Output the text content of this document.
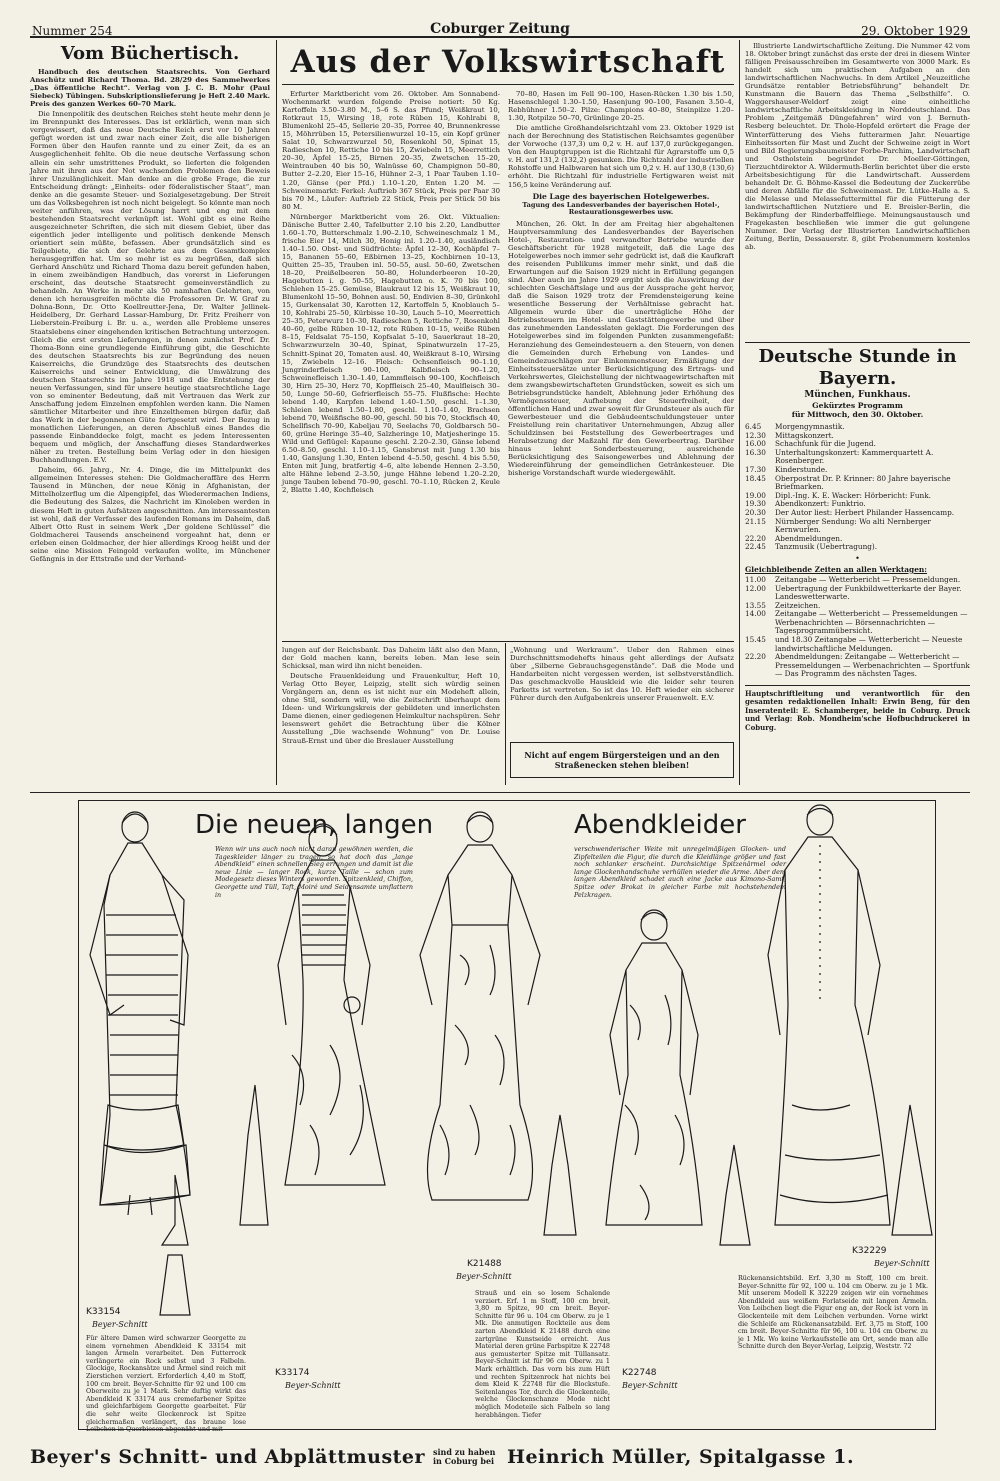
Nummer 254	Coburger Zeitung	29. Oktober 1929
Vom Büchertisch.

Handbuch des deutschen Staatsrechts. Von Gerhard Anschütz und Richard Thoma. Bd. 28/29 des Sammelwerkes „Das öffentliche Recht“. Verlag von J. C. B. Mohr (Paul Siebeck) Tübingen. Subskriptionslieferung je Heft 2.40 Mark. Preis des ganzen Werkes 60–70 Mark.

Die Innenpolitik des deutschen Reiches steht heute mehr denn je im Brennpunkt des Interesses. Das ist erklärlich, wenn man sich vergewissert, daß das neue Deutsche Reich erst vor 10 Jahren gefügt worden ist und zwar nach einer Zeit, die alle bisherigen Formen über den Haufen rannte und zu einer Zeit, da es an Ausgeglichenheit fehlte. Ob die neue deutsche Verfassung schon allein ein sehr umstrittenes Produkt, so lieferten die folgenden Jahre mit ihren aus der Not wachsenden Problemen den Beweis ihrer Unzulänglichkeit. Man denke an die große Frage, die zur Entscheidung drängt: „Einheits- oder föderalistischer Staat“, man denke an die gesamte Steuer- und Sozialgesetzgebung. Der Streit um das Volksbegehren ist noch nicht beigelegt. So könnte man noch weiter anführen, was der Lösung harrt und eng mit dem bestehenden Staatsrecht verknüpft ist. Wohl gibt es eine Reihe ausgezeichneter Schriften, die sich mit diesem Gebiet, über das eigentlich jeder intelligente und politisch denkende Mensch orientiert sein müßte, befassen. Aber grundsätzlich sind es Teilgebiete, die sich der Gelehrte aus dem Gesamtkomplex herausgegriffen hat. Um so mehr ist es zu begrüßen, daß sich Gerhard Anschütz und Richard Thoma dazu bereit gefunden haben, in einem zweibändigen Handbuch, das vorerst in Lieferungen erscheint, das deutsche Staatsrecht gemeinverständlich zu behandeln. An Werke in mehr als 50 namhaften Gelehrten, von denen ich herausgreifen möchte die Professoren Dr. W. Graf zu Dohna-Bonn, Dr. Otto Koellreutter-Jena, Dr. Walter Jellinek-Heidelberg, Dr. Gerhard Lassar-Hamburg, Dr. Fritz Freiherr von Lieberstein-Freiburg i. Br. u. a., werden alle Probleme unseres Staatslebens einer eingehenden kritischen Betrachtung unterzogen. Gleich die erst ersten Lieferungen, in denen zunächst Prof. Dr. Thoma-Bonn eine grundlegende Einführung gibt, die Geschichte des deutschen Staatsrechts bis zur Begründung des neuen Kaiserreichs, die Grundzüge des Staatsrechts des deutschen Kaiserreichs und seiner Entwicklung, die Umwälzung des deutschen Staatsrechts im Jahre 1918 und die Entstehung der neuen Verfassungen, sind für unsere heutige staatsrechtliche Lage von so eminenter Bedeutung, daß mit Vertrauen das Werk zur Anschaffung jedem Einzelnen empfohlen werden kann. Die Namen sämtlicher Mitarbeiter und ihre Einzelthemen bürgen dafür, daß das Werk in der begonnenen Güte fortgesetzt wird. Der Bezug in monatlichen Lieferungen, an deren Abschluß eines Bandes die passende Einbanddecke folgt, macht es jedem Interessenten bequem und möglich, der Anschaffung dieses Standardwerkes näher zu treten. Bestellung beim Verlag oder in den hiesigen Buchhandlungen. E.V.

Daheim, 66. Jahrg., Nr. 4. Dinge, die im Mittelpunkt des allgemeinen Interesses stehen: Die Goldmacheraffäre des Herrn Tausend in München, der neue König in Afghanistan, der Mittelholzerflug um die Alpengipfel, das Wiederermachen Indiens, die Bedeutung des Salzes, die Nachricht im Kinoleben werden in diesem Heft in guten Aufsätzen angeschnitten. Am interessantesten ist wohl, daß der Verfasser des laufenden Romans im Daheim, daß Albert Otto Rust in seinem Werk „Der goldene Schlüssel“ die Goldmacherei Tausends anscheinend vorgeahnt hat, denn er erleben einen Goldmacher, der hier allerdings Kroog heißt und der seine eine Mission Feingold verkaufen wollte, im Münchener Gefängnis in der Ettstraße und der Verhand-

Aus der Volkswirtschaft

Erfurter Marktbericht vom 26. Oktober. Am Sonnabend-Wochenmarkt wurden folgende Preise notiert: 50 Kg. Kartoffeln 3.50–3.80 M., 5–6 S. das Pfund; Weißkraut 10, Rotkraut 15, Wirsing 18, rote Rüben 15, Kohlrabi 8, Blumenkohl 25–45, Sellerie 20–35, Porree 40, Brunnenkresse 15, Möhrrüben 15, Petersilienwurzel 10–15, ein Kopf grüner Salat 10, Schwarzwurzel 50, Rosenkohl 50, Spinat 15, Radieschen 10, Rettiche 10 bis 15, Zwiebeln 15, Meerrettich 20–30, Äpfel 15–25, Birnen 20–35, Zwetschen 15–20, Weintrauben 40 bis 50, Walnüsse 60, Champignon 50–80, Butter 2–2.20, Eier 15–16, Hühner 2–3, 1 Paar Tauben 1.10–1.20, Gänse (per Pfd.) 1.10–1.20, Enten 1.20 M. — Schweinemarkt: Ferkel: Auftrieb 367 Stück, Preis per Paar 30 bis 70 M., Läufer: Auftrieb 22 Stück, Preis per Stück 50 bis 80 M.

Nürnberger Marktbericht vom 26. Okt. Viktualien: Dänische Butter 2.40, Tafelbutter 2.10 bis 2.20, Landbutter 1.60–1.70, Butterschmalz 1.90–2.10, Schweineschmalz 1 M., frische Eier 14, Milch 30, Honig inl. 1.20–1.40, ausländisch 1.40–1.50. Obst- und Südfrüchte: Äpfel 12–30, Kochäpfel 7–15, Bananen 55–60, Eßbirnen 13–25, Kochbirnen 10–13, Quitten 25–35, Trauben inl. 50–55, ausl. 50–60, Zwetschen 18–20, Preißelbeeren 50–80, Holunderbeeren 10–20, Hagebutten i. g. 50–55, Hagebutten o. K. 70 bis 100, Schlehen 15–25. Gemüse, Blaukraut 12 bis 15, Weißkraut 10, Blumenkohl 15–50, Bohnen ausl. 50, Endivien 8–30, Grünkohl 15, Gurkensalat 30, Karotten 12, Kartoffeln 5, Knoblauch 5–10, Kohlrabi 25–50, Kürbisse 10–30, Lauch 5–10, Meerrettich 25–35, Peterwurz 10–30, Radieschen 5, Rettiche 7, Rosenkohl 40–60, gelbe Rüben 10–12, rote Rüben 10–15, weiße Rüben 8–15, Feldsalat 75–150, Kopfsalat 5–10, Sauerkraut 18–20, Schwarzwurzeln 30–40, Spinat, Spinatwurzeln 17–25, Schnitt-Spinat 20, Tomaten ausl. 40, Weißkraut 8–10, Wirsing 15, Zwiebeln 12–16. Fleisch: Ochsenfleisch 90–1.10, Jungrinderfleisch 90–100, Kalbfleisch 90–1.20, Schweinefleisch 1.30–1.40, Lammfleisch 90–100, Kochfleisch 30, Hirn 25–30, Herz 70, Kopffleisch 25–40, Maulfleisch 30–50, Lunge 50–60, Gefrierfleisch 55–75. Flußfische: Hechte lebend 1.40, Karpfen lebend 1.40–1.50, geschl. 1–1.30, Schleien lebend 1.50–1.80, geschl. 1.10–1.40, Brachsen lebend 70, Weißfische 80–90, geschl. 50 bis 70, Stockfisch 40, Schellfisch 70–90, Kabeljau 70, Seelachs 70, Goldbarsch 50–60, grüne Heringe 35–40, Salzheringe 10, Matjesheringe 15. Wild und Geflügel: Kapaune geschl. 2.20–2.30, Gänse lebend 6.50–8.50, geschl. 1.10–1.15, Gansbrust mit Jung 1.30 bis 1.40, Gansjung 1.30, Enten lebend 4–5.50, geschl. 4 bis 5.50, Enten mit Jung, bratfertig 4–6, alte lebende Hennen 2–3.50, alte Hähne lebend 2–3.50, junge Hähne lebend 1.20–2.20, junge Tauben lebend 70–90, geschl. 70–1.10, Rücken 2, Keule 2, Blatte 1.40, Kochfleisch

70–80, Hasen im Fell 90–100, Hasen-Rücken 1.30 bis 1.50, Hasenschlegel 1.30–1.50, Hasenjung 90–100, Fasanen 3.50–4, Rebhühner 1.50–2. Pilze: Champions 40–80, Steinpilze 1.20–1.30, Rotpilze 50–70, Grünlinge 20–25.

Die amtliche Großhandelsrichtzahl vom 23. Oktober 1929 ist nach der Berechnung des Statistischen Reichsamtes gegenüber der Vorwoche (137,3) um 0,2 v. H. auf 137,0 zurückgegangen. Von den Hauptgruppen ist die Richtzahl für Agrarstoffe um 0,5 v. H. auf 131,2 (132,2) gesunken. Die Richtzahl der industriellen Rohstoffe und Halbwaren hat sich um 0,2 v. H. auf 130,8 (130,6) erhöht. Die Richtzahl für industrielle Fertigwaren weist mit 156,5 keine Veränderung auf.

Die Lage des bayerischen Hotelgewerbes.
Tagung des Landesverbandes der bayerischen Hotel-, Restaurationsgewerbes usw.

München, 26. Okt. In der am Freitag hier abgehaltenen Hauptversammlung des Landesverbandes der Bayerischen Hotel-, Restauration- und verwandter Betriebe wurde der Geschäftsbericht für 1928 mitgeteilt, daß die Lage des Hotelgewerbes noch immer sehr gedrückt ist, daß die Kaufkraft des reisenden Publikums immer mehr sinkt, und daß die Erwartungen auf die Saison 1929 nicht in Erfüllung gegangen sind. Aber auch im Jahre 1929 ergibt sich die Auswirkung der schlechten Geschäftslage und aus der Aussprache geht hervor, daß die Saison 1929 trotz der Fremdensteigerung keine wesentliche Besserung der Verhältnisse gebracht hat. Allgemein wurde über die unerträgliche Höhe der Betriebssteuern im Hotel- und Gaststättengewerbe und über das zunehmenden Landesslaten geklagt. Die Forderungen des Hotelgewerbes sind im folgenden Punkten zusammengefaßt: Heranziehung des Gemeindesteuern a. den Steuern, von denen die Gemeinden durch Erhebung von Landes- und Gemeindezuschlägen zur Einkommensteuer, Ermäßigung der Einheitssteuersätze unter Berücksichtigung des Ertrags- und Verkehrswertes, Gleichstellung der nichtwaagewirtschaften mit dem zwangsbewirtschafteten Grundstücken, soweit es sich um Betriebsgrundstücke handelt, Ablehnung jeder Erhöhung des Vermögenssteuer, Aufhebung der Steuerfreiheit, der öffentlichen Hand und zwar soweit für Grundsteuer als auch für Gewerbesteuer und die Gebäudeentschuldungsteuer unter Freistellung rein charitativer Unternehmungen, Abzug aller Schuldzinsen bei Feststellung des Gewerbeertrages und Herabsetzung der Maßzahl für den Gewerbeertrag. Darüber hinaus lehnt Sonderbesteuerung, ausreichende Berücksichtigung des Saisongewerbes und Ablehnung der Wiedereinführung der gemeindlichen Getränkesteuer. Die bisherige Vorstandschaft wurde wiedergewählt.

lungen auf der Reichsbank. Das Daheim läßt also den Mann, der Gold machen kann, bereits leben. Man lese sein Schicksal, man wird ihn nicht beneiden.

Deutsche Frauenkleidung und Frauenkultur, Heft 10, Verlag Otto Beyer, Leipzig, stellt sich würdig seinen Vorgängern an, denn es ist nicht nur ein Modeheft allein, ohne Stil, sondern will, wie die Zeitschrift überhaupt dem Ideen- und Wirkungskreis der gebildeten und innerlichsten Dame dienen, einer gediegenen Heimkultur nachspüren. Sehr lesenswert gehört die Betrachtung über die Kölner Ausstellung „Die wachsende Wohnung“ von Dr. Louise Strauß-Ernst und über die Breslauer Ausstellung

„Wohnung und Werkraum“. Ueber den Rahmen eines Durchschnittsmodehefts hinaus geht allerdings der Aufsatz über „Silberne Gebrauchsgegenstände“. Daß die Mode und Handarbeiten nicht vergessen werden, ist selbstverständlich. Das geschmackvolle Hauskleid wie die leider sehr teuren Parketts ist vertreten. So ist das 10. Heft wieder ein sicherer Führer durch den Aufgabenkreis unserer Frauenwelt. E.V.

Nicht auf engem Bürgersteigen und an den Straßenecken stehen bleiben!

Illustrierte Landwirtschaftliche Zeitung. Die Nummer 42 vom 18. Oktober bringt zunächst das erste der drei in diesem Winter fälligen Preisausschreiben im Gesamtwerte von 3000 Mark. Es handelt sich um praktischen Aufgaben an den landwirtschaftlichen Nachwuchs. In dem Artikel „Neuzeitliche Grundsätze rentabler Betriebsführung“ behandelt Dr. Kunstmann die Bauern das Thema „Selbsthilfe“. O. Waggershauser-Weldorf zeigt eine einheitliche landwirtschaftliche Arbeitskleidung in Norddeutschland. Das Problem „Zeitgemäß Düngefahren“ wird von J. Bernuth-Resberg beleuchtet. Dr. Thole-Hopfeld erörtert die Frage der Winterfütterung des Viehs futterarmen Jahr. Neuartige Einheitssorten für Mast und Zucht der Schweine zeigt in Wort und Bild Regierungsbaumeister Forbe-Parchim, Landwirtschaft und Ostholstein begründet Dr. Moeller-Göttingen, Tierzuchtdirektor A. Wildermuth-Berlin berichtet über die erste Arbeitsbesichtigung für die Landwirtschaft. Ausserdem behandelt Dr. G. Böhme-Kassel die Bedeutung der Zuckerrübe und deren Abfälle für die Schweinemast. Dr. Lütke-Halle a. S. die Melasse und Melassefuttermittel für die Fütterung der landwirtschaftlichen Nutztiere und E. Breisler-Berlin, die Bekämpfung der Rinderbaffelfliege. Meinungsaustausch und Fragekasten beschließen wie immer die gut gelungene Nummer. Der Verlag der Illustrierten Landwirtschaftlichen Zeitung, Berlin, Dessauerstr. 8, gibt Probenummern kostenlos ab.

Deutsche Stunde in Bayern.
München, Funkhaus.
Gekürztes Programm
für Mittwoch, den 30. Oktober.
6.45	Morgengymnastik.
12.30	Mittagskonzert.
16.00	Schachfunk für die Jugend.
16.30	Unterhaltungskonzert: Kammerquartett A. Rosenberger.
17.30	Kinderstunde.
18.45	Oberpostrat Dr. P. Krinner: 80 Jahre bayerische Briefmarken.
19.00	Dipl.-Ing. K. E. Wacker: Hörbericht: Funk.
19.30	Abendkonzert: Funktrio.
20.30	Der Autor liest: Herbert Philander Hassencamp.
21.15	Nürnberger Sendung: Wo alti Nernberger Kernwurlen.
22.20	Abendmeldungen.
22.45	Tanzmusik (Uebertragung).
•
Gleichbleibende Zeiten an allen Werktagen:
11.00	Zeitangabe — Wetterbericht — Pressemeldungen.
12.00	Uebertragung der Funkbildwetterkarte der Bayer. Landeswetterwarte.
13.55	Zeitzeichen.
14.00	Zeitangabe — Wetterbericht — Pressemeldungen — Werbenachrichten — Börsennachrichten — Tagesprogrammübersicht.
15.45	und 18.30 Zeitangabe — Wetterbericht — Neueste landwirtschaftliche Meldungen.
22.20	Abendmeldungen: Zeitangabe — Wetterbericht — Pressemeldungen — Werbenachrichten — Sportfunk — Das Programm des nächsten Tages.
Hauptschriftleitung und verantwortlich für den gesamten redaktionellen Inhalt: Erwin Beng, für den Inseratenteil: E. Schamberger, beide in Coburg. Druck und Verlag: Rob. Mondheim'sche Hofbuchdruckerei in Coburg.
Die neuen, langen	Abendkleider
Wenn wir uns auch noch nicht daran gewöhnen werden, die Tageskleider länger zu tragen, so hat doch das „lange Abendkleid“ einen schnellen Sieg errungen und damit ist die neue Linie — langer Rock, kurze Taille — schon zum Modegesetz dieses Winters geworden. Spitzenkleid, Chiffon, Georgette und Tüll, Taft, Moiré und Seidensamte umflattern in
verschwenderischer Weite mit unregelmäßigen Glocken- und Zipfelteilen die Figur, die durch die Kleidlänge größer und fast noch schlanker erscheint. Durchsichtige Spitzenärmel oder lange Glockenhandschuhe verhüllen wieder die Arme. Aber dem langen Abendkleid schadet auch eine Jacke aus Kimono-Samt, Spitze oder Brokat in gleicher Farbe mit hochstehendem Pelzkragen.
K33154
Beyer-Schnitt
K33174
Beyer-Schnitt
K21488
Beyer-Schnitt
K22748
Beyer-Schnitt
K32229
Beyer-Schnitt
Für ältere Damen wird schwarzer Georgette zu einem vornehmen Abendkleid K 33154 mit langen Ärmeln verarbeitet. Den Futterrock verlängerte ein Rock selbst und 3 Falbeln. Glockige, Rockansätze und Ärmel sind reich mit Zierstichen verziert. Erforderlich 4,40 m Stoff, 100 cm breit. Beyer-Schnitte für 92 und 100 cm Oberweite zu je 1 Mark. Sehr duftig wirkt das Abendkleid K 33174 aus cremefarbener Spitze und gleichfarbigem Georgette gearbeitet. Für die sehr weite Glockenrock ist Spitze gleichermaßen verlängert, das braune lose Leibchen in Querbiesen abgenäht und mit
Strauß und ein so losem Schalende verziert. Erf. 1 m Stoff, 100 cm breit, 3,80 m Spitze, 90 cm breit. Beyer-Schnitte für 96 u. 104 cm Oberw. zu je 1 Mk. Die anmutigen Rockteile aus dem zarten Abendkleid K 21488 durch eine zartgrüne Kunstseide erreicht. Aus Material deren grüne Farbspitze K 22748 aus gemusterter Spitze mit Tüllansatz. Beyer-Schnitt ist für 96 cm Oberw. zu 1 Mark erhältlich. Das vorn bis zum Hüft und rechten Spitzenrock hat nichts bei dem Kleid K 22748 für die Blockstufe. Seitenlanges Tor, durch die Glockenteile, welche Glockenschanze Mode nicht möglich Modeteile sich Falbeln so lang herabhängen. Tiefer
Rückenansichtsbild. Erf. 3,30 m Stoff, 100 cm breit. Beyer-Schnitte für 92, 100 u. 104 cm Oberw. zu je 1 Mk. Mit unserem Modell K 32229 zeigen wir ein vornehmes Abendkleid aus weißem Forlatseide mit langen Ärmeln. Von Leibchen liegt die Figur eng an, der Rock ist vorn in Glockenteile mit dem Leibchen verbunden. Vorne wirkt die Schleife am Rückenansatzbild. Erf. 3,75 m Stoff, 100 cm breit. Beyer-Schnitte für 96, 100 u. 104 cm Oberw. zu je 1 Mk. Wo keine Verkaufsstelle am Ort, sende man alle Schnitte durch den Beyer-Verlag, Leipzig, Weststr. 72
Beyer's Schnitt- und Abplättmuster sind zu haben in Coburg bei Heinrich Müller, Spitalgasse 1.
